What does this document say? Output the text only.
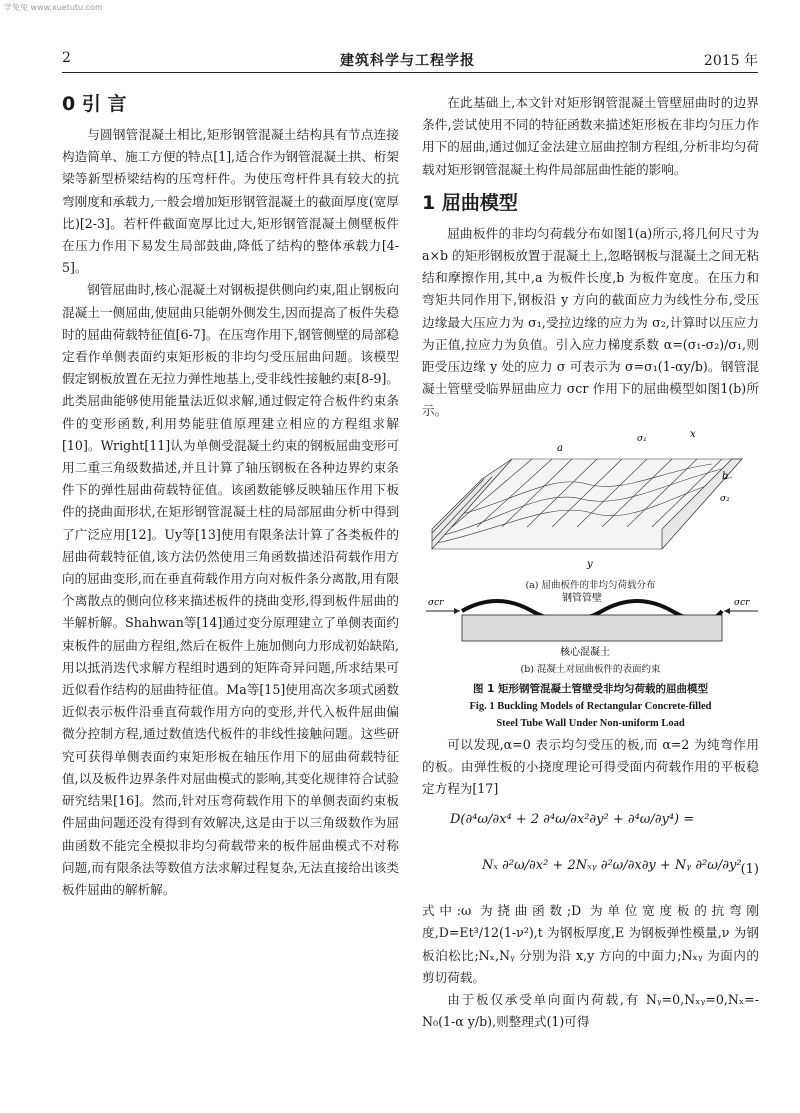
学兔兔 www.xuetutu.com
2	建筑科学与工程学报	2015 年
0 引 言

与圆钢管混凝土相比,矩形钢管混凝土结构具有节点连接构造简单、施工方便的特点[1],适合作为钢管混凝土拱、桁架梁等新型桥梁结构的压弯杆件。为使压弯杆件具有较大的抗弯刚度和承载力,一般会增加矩形钢管混凝土的截面厚度(宽厚比)[2-3]。若杆件截面宽厚比过大,矩形钢管混凝土侧壁板件在压力作用下易发生局部鼓曲,降低了结构的整体承载力[4-5]。

钢管屈曲时,核心混凝土对钢板提供侧向约束,阻止钢板向混凝土一侧屈曲,使屈曲只能朝外侧发生,因而提高了板件失稳时的屈曲荷载特征值[6-7]。在压弯作用下,钢管侧壁的局部稳定看作单侧表面约束矩形板的非均匀受压屈曲问题。该模型假定钢板放置在无拉力弹性地基上,受非线性接触约束[8-9]。此类屈曲能够使用能量法近似求解,通过假定符合板件约束条件的变形函数,利用势能驻值原理建立相应的方程组求解[10]。Wright[11]认为单侧受混凝土约束的钢板屈曲变形可用二重三角级数描述,并且计算了轴压钢板在各种边界约束条件下的弹性屈曲荷载特征值。该函数能够反映轴压作用下板件的挠曲面形状,在矩形钢管混凝土柱的局部屈曲分析中得到了广泛应用[12]。Uy等[13]使用有限条法计算了各类板件的屈曲荷载特征值,该方法仍然使用三角函数描述沿荷载作用方向的屈曲变形,而在垂直荷载作用方向对板件条分离散,用有限个离散点的侧向位移来描述板件的挠曲变形,得到板件屈曲的半解析解。Shahwan等[14]通过变分原理建立了单侧表面约束板件的屈曲方程组,然后在板件上施加侧向力形成初始缺陷,用以抵消迭代求解方程组时遇到的矩阵奇异问题,所求结果可近似看作结构的屈曲特征值。Ma等[15]使用高次多项式函数近似表示板件沿垂直荷载作用方向的变形,并代入板件屈曲偏微分控制方程,通过数值迭代板件的非线性接触问题。这些研究可获得单侧表面约束矩形板在轴压作用下的屈曲荷载特征值,以及板件边界条件对屈曲模式的影响,其变化规律符合试验研究结果[16]。然而,针对压弯荷载作用下的单侧表面约束板件屈曲问题还没有得到有效解决,这是由于以三角级数作为屈曲函数不能完全模拟非均匀荷载带来的板件屈曲模式不对称问题,而有限条法等数值方法求解过程复杂,无法直接给出该类板件屈曲的解析解。

在此基础上,本文针对矩形钢管混凝土管壁屈曲时的边界条件,尝试使用不同的特征函数来描述矩形板在非均匀压力作用下的屈曲,通过伽辽金法建立屈曲控制方程组,分析非均匀荷载对矩形钢管混凝土构件局部屈曲性能的影响。

1 屈曲模型

屈曲板件的非均匀荷载分布如图1(a)所示,将几何尺寸为 a×b 的矩形钢板放置于混凝土上,忽略钢板与混凝土之间无粘结和摩擦作用,其中,a 为板件长度,b 为板件宽度。在压力和弯矩共同作用下,钢板沿 y 方向的截面应力为线性分布,受压边缘最大压应力为 σ₁,受拉边缘的应力为 σ₂,计算时以压应力为正值,拉应力为负值。引入应力梯度系数 α=(σ₁-σ₂)/σ₁,则距受压边缘 y 处的应力 σ 可表示为 σ=σ₁(1-αy/b)。钢管混凝土管壁受临界屈曲应力 σcr 作用下的屈曲模型如图1(b)所示。

a
b
x
y
σ₁
σ₂
σcr	σcr
钢管管壁
核心混凝土
(a) 屈曲板件的非均匀荷载分布
(b) 混凝土对屈曲板件的表面约束

图 1 矩形钢管混凝土管壁受非均匀荷载的屈曲模型

Fig. 1 Buckling Models of Rectangular Concrete-filled

Steel Tube Wall Under Non-uniform Load

可以发现,α=0 表示均匀受压的板,而 α=2 为纯弯作用的板。由弹性板的小挠度理论可得受面内荷载作用的平板稳定方程为[17]

D(∂⁴ω/∂x⁴ + 2 ∂⁴ω/∂x²∂y² + ∂⁴ω/∂y⁴) =
Nₓ ∂²ω/∂x² + 2Nₓᵧ ∂²ω/∂x∂y + Nᵧ ∂²ω/∂y² (1)

式中:ω 为挠曲函数;D 为单位宽度板的抗弯刚度,D=Et³/12(1-ν²),t 为钢板厚度,E 为钢板弹性模量,ν 为钢板泊松比;Nₓ,Nᵧ 分别为沿 x,y 方向的中面力;Nₓᵧ 为面内的剪切荷载。

由于板仅承受单向面内荷载,有 Nᵧ=0,Nₓᵧ=0,Nₓ=-N₀(1-α y/b),则整理式(1)可得
